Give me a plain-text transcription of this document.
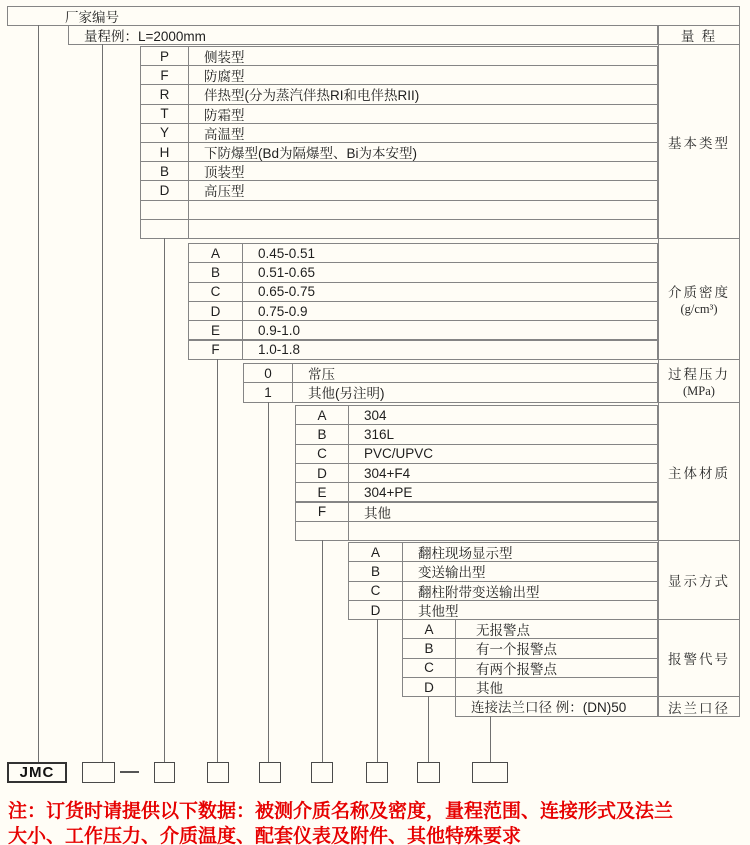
厂家编号
量程例：L=2000mm	量 程
P	侧装型
F	防腐型
R	伴热型(分为蒸汽伴热RI和电伴热RII)
T	防霜型
Y	高温型
H	下防爆型(Bd为隔爆型、Bi为本安型)
B	顶装型
D	高压型
基本类型
A	0.45-0.51
B	0.51-0.65
C	0.65-0.75
D	0.75-0.9
E	0.9-1.0
F	1.0-1.8
介质密度
(g/cm³)
0	常压
1	其他(另注明)
过程压力
(MPa)
A	304
B	316L
C	PVC/UPVC
D	304+F4
E	304+PE
F	其他
主体材质
A	翻柱现场显示型
B	变送输出型
C	翻柱附带变送输出型
D	其他型
显示方式
A	无报警点
B	有一个报警点
C	有两个报警点
D	其他
报警代号
连接法兰口径 例：(DN)50	法兰口径
JMC
注：订货时请提供以下数据：被测介质名称及密度，量程范围、连接形式及法兰
大小、工作压力、介质温度、配套仪表及附件、其他特殊要求
